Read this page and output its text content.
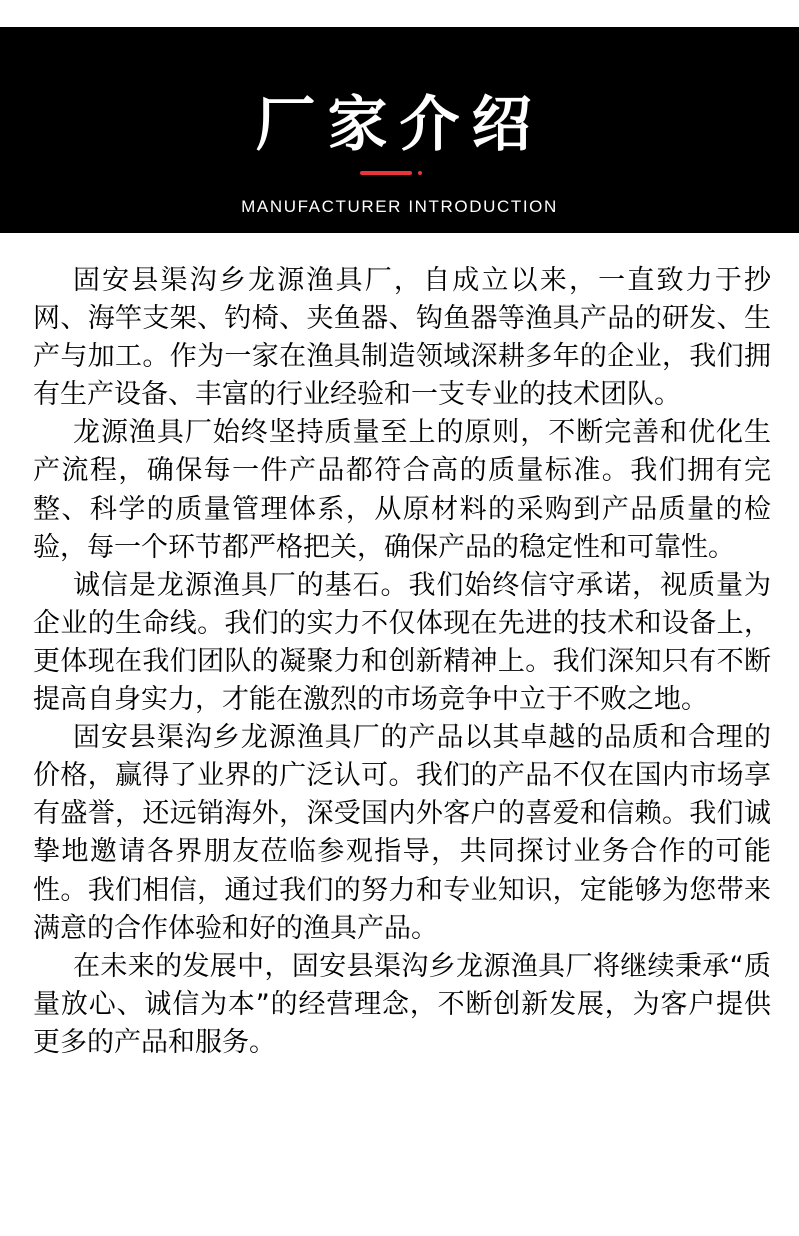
厂家介绍
MANUFACTURER INTRODUCTION

固安县渠沟乡龙源渔具厂，自成立以来，一直致力于抄网、海竿支架、钓椅、夹鱼器、钩鱼器等渔具产品的研发、生产与加工。作为一家在渔具制造领域深耕多年的企业，我们拥有生产设备、丰富的行业经验和一支专业的技术团队。

龙源渔具厂始终坚持质量至上的原则，不断完善和优化生产流程，确保每一件产品都符合高的质量标准。我们拥有完整、科学的质量管理体系，从原材料的采购到产品质量的检验，每一个环节都严格把关，确保产品的稳定性和可靠性。

诚信是龙源渔具厂的基石。我们始终信守承诺，视质量为企业的生命线。我们的实力不仅体现在先进的技术和设备上，更体现在我们团队的凝聚力和创新精神上。我们深知只有不断提高自身实力，才能在激烈的市场竞争中立于不败之地。

固安县渠沟乡龙源渔具厂的产品以其卓越的品质和合理的价格，赢得了业界的广泛认可。我们的产品不仅在国内市场享有盛誉，还远销海外，深受国内外客户的喜爱和信赖。我们诚挚地邀请各界朋友莅临参观指导，共同探讨业务合作的可能性。我们相信，通过我们的努力和专业知识，定能够为您带来满意的合作体验和好的渔具产品。

在未来的发展中，固安县渠沟乡龙源渔具厂将继续秉承“质量放心、诚信为本”的经营理念，不断创新发展，为客户提供更多的产品和服务。
